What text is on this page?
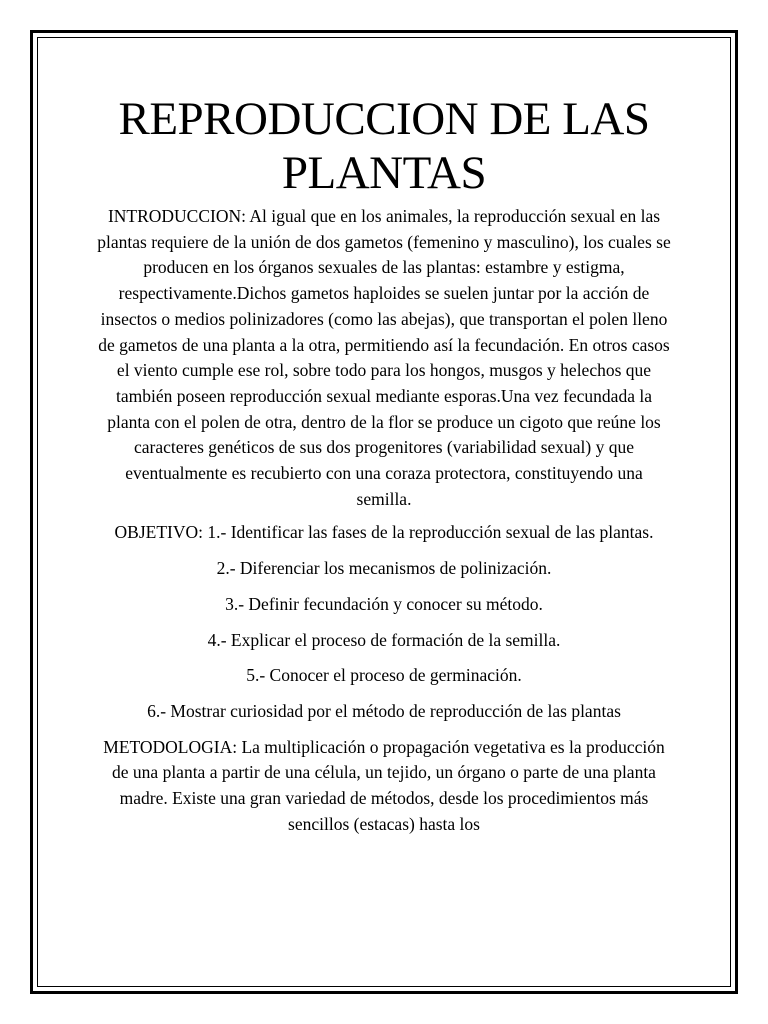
REPRODUCCION DE LAS PLANTAS

INTRODUCCION: Al igual que en los animales, la reproducción sexual en las plantas requiere de la unión de dos gametos (femenino y masculino), los cuales se producen en los órganos sexuales de las plantas: estambre y estigma, respectivamente.Dichos gametos haploides se suelen juntar por la acción de insectos o medios polinizadores (como las abejas), que transportan el polen lleno de gametos de una planta a la otra, permitiendo así la fecundación. En otros casos el viento cumple ese rol, sobre todo para los hongos, musgos y helechos que también poseen reproducción sexual mediante esporas.Una vez fecundada la planta con el polen de otra, dentro de la flor se produce un cigoto que reúne los caracteres genéticos de sus dos progenitores (variabilidad sexual) y que eventualmente es recubierto con una coraza protectora, constituyendo una semilla.

OBJETIVO: 1.- Identificar las fases de la reproducción sexual de las plantas.

2.- Diferenciar los mecanismos de polinización.

3.- Definir fecundación y conocer su método.

4.- Explicar el proceso de formación de la semilla.

5.- Conocer el proceso de germinación.

6.- Mostrar curiosidad por el método de reproducción de las plantas

METODOLOGIA: La multiplicación o propagación vegetativa es la producción de una planta a partir de una célula, un tejido, un órgano o parte de una planta madre. Existe una gran variedad de métodos, desde los procedimientos más sencillos (estacas) hasta los
